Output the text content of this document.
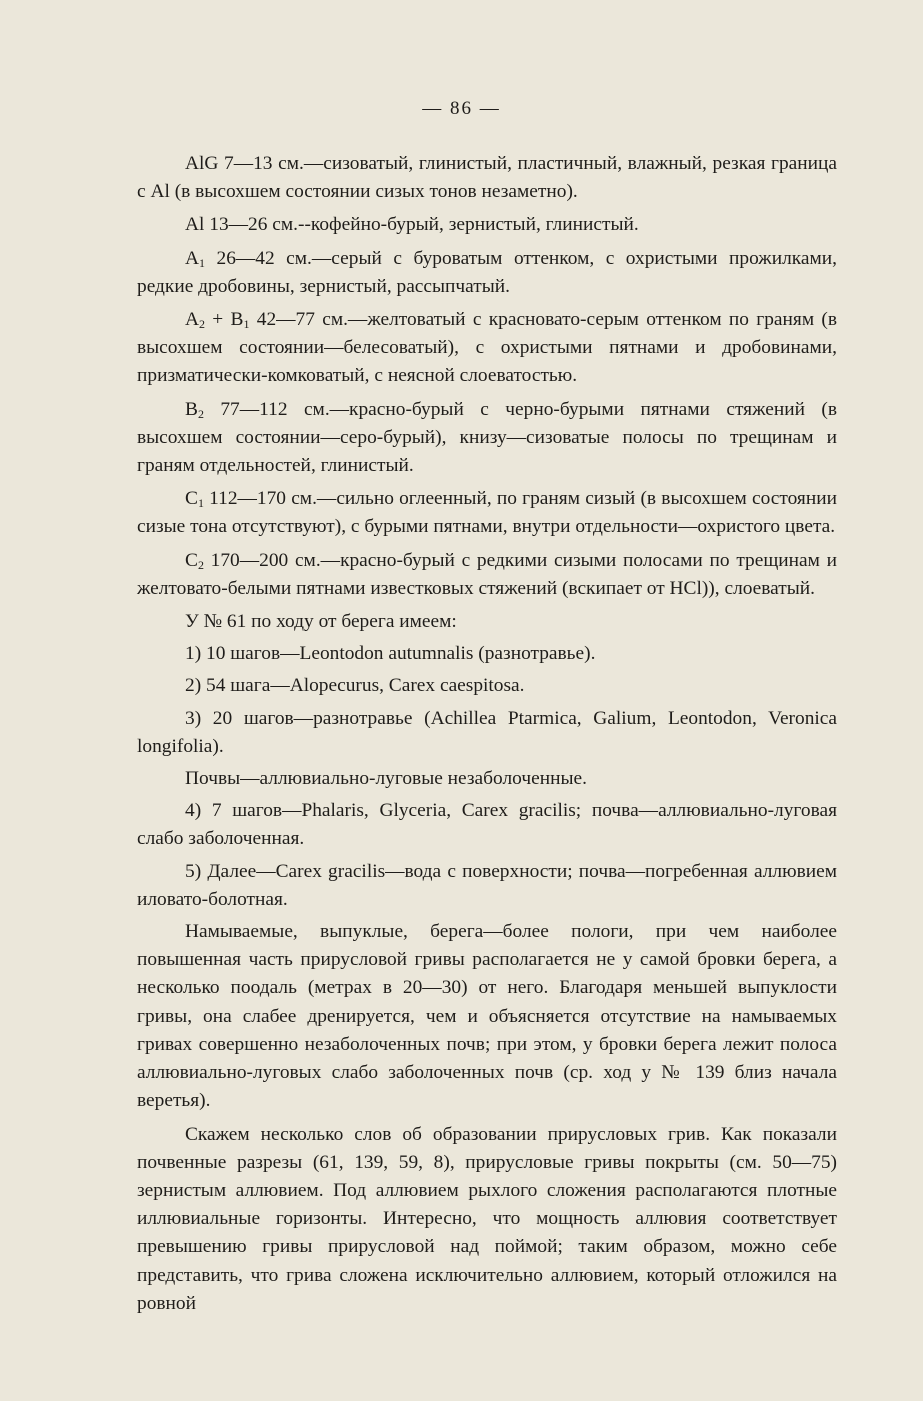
— 86 —

AlG 7—13 см.—сизоватый, глинистый, пластичный, влажный, резкая граница с Al (в высохшем состоянии сизых тонов незаметно).

Al 13—26 см.--кофейно-бурый, зернистый, глинистый.

$A_1$ 26—42 см.—серый с буроватым оттенком, с охристыми прожилками, редкие дробовины, зернистый, рассыпчатый.

$A_2 + B_1$ 42—77 см.—желтоватый с красновато-серым оттенком по граням (в высохшем состоянии—белесоватый), с охристыми пятнами и дробовинами, призматически-комковатый, с неясной слоеватостью.

$B_2$ 77—112 см.—красно-бурый с черно-бурыми пятнами стяжений (в высохшем состоянии—серо-бурый), книзу—сизоватые полосы по трещинам и граням отдельностей, глинистый.

$C_1$ 112—170 см.—сильно оглеенный, по граням сизый (в высохшем состоянии сизые тона отсутствуют), с бурыми пятнами, внутри отдельности—охристого цвета.

$C_2$ 170—200 см.—красно-бурый с редкими сизыми полосами по трещинам и желтовато-белыми пятнами известковых стяжений (вскипает от HCl)), слоеватый.

У № 61 по ходу от берега имеем:

1) 10 шагов—Leontodon autumnalis (разнотравье).

2) 54 шага—Alopecurus, Carex caespitosa.

3) 20 шагов—разнотравье (Achillea Ptarmica, Galium, Leontodon, Veronica longifolia).

Почвы—аллювиально-луговые незаболоченные.

4) 7 шагов—Phalaris, Glyceria, Carex gracilis; почва—аллювиально-луговая слабо заболоченная.

5) Далее—Carex gracilis—вода с поверхности; почва—погребенная аллювием иловато-болотная.

Намываемые, выпуклые, берега—более пологи, при чем наиболее повышенная часть прирусловой гривы располагается не у самой бровки берега, а несколько поодаль (метрах в 20—30) от него. Благодаря меньшей выпуклости гривы, она слабее дренируется, чем и объясняется отсутствие на намываемых гривах совершенно незаболоченных почв; при этом, у бровки берега лежит полоса аллювиально-луговых слабо заболоченных почв (ср. ход у № 139 близ начала веретья).

Скажем несколько слов об образовании прирусловых грив. Как показали почвенные разрезы (61, 139, 59, 8), прирусловые гривы покрыты (см. 50—75) зернистым аллювием. Под аллювием рыхлого сложения располагаются плотные иллювиальные горизонты. Интересно, что мощность аллювия соответствует превышению гривы прирусловой над поймой; таким образом, можно себе представить, что грива сложена исключительно аллювием, который отложился на ровной
